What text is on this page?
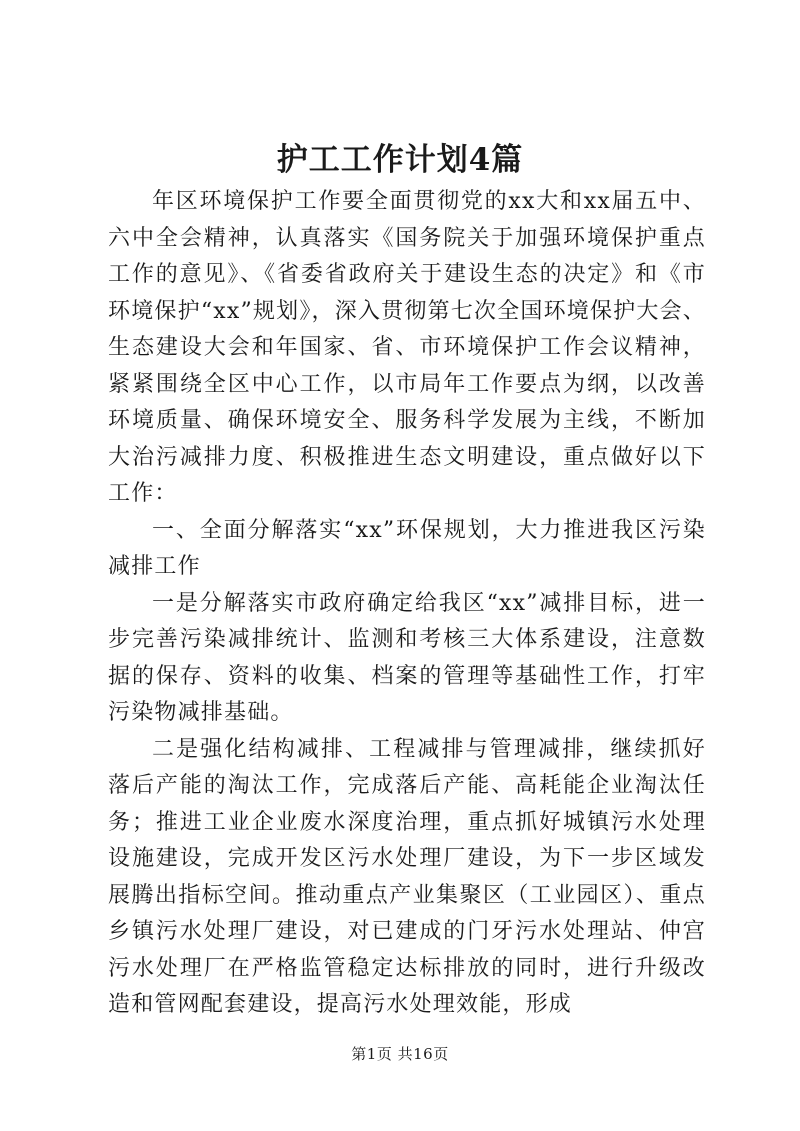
护工工作计划4篇

年区环境保护工作要全面贯彻党的xx大和xx届五中、六中全会精神，认真落实《国务院关于加强环境保护重点工作的意见》、《省委省政府关于建设生态的决定》和《市环境保护“xx”规划》，深入贯彻第七次全国环境保护大会、生态建设大会和年国家、省、市环境保护工作会议精神，紧紧围绕全区中心工作，以市局年工作要点为纲，以改善环境质量、确保环境安全、服务科学发展为主线，不断加大治污减排力度、积极推进生态文明建设，重点做好以下工作：

一、全面分解落实“xx”环保规划，大力推进我区污染减排工作

一是分解落实市政府确定给我区“xx”减排目标，进一步完善污染减排统计、监测和考核三大体系建设，注意数据的保存、资料的收集、档案的管理等基础性工作，打牢污染物减排基础。

二是强化结构减排、工程减排与管理减排，继续抓好落后产能的淘汰工作，完成落后产能、高耗能企业淘汰任务；推进工业企业废水深度治理，重点抓好城镇污水处理设施建设，完成开发区污水处理厂建设，为下一步区域发展腾出指标空间。推动重点产业集聚区（工业园区）、重点乡镇污水处理厂建设，对已建成的门牙污水处理站、仲宫污水处理厂在严格监管稳定达标排放的同时，进行升级改造和管网配套建设，提高污水处理效能，形成

第1页 共16页
